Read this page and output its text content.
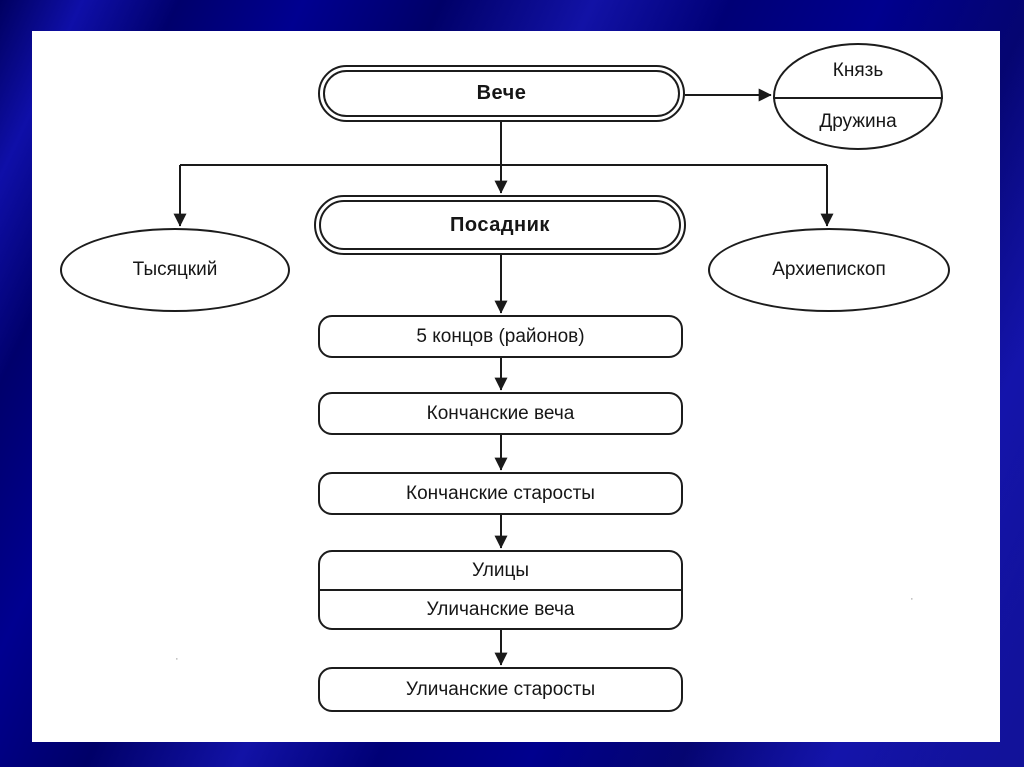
Вече
Князь
Дружина
Посадник
Тысяцкий	Архиепископ
5 концов (районов)
Кончанские веча
Кончанские старосты
Улицы
Уличанские веча
Уличанские старосты
·
·
